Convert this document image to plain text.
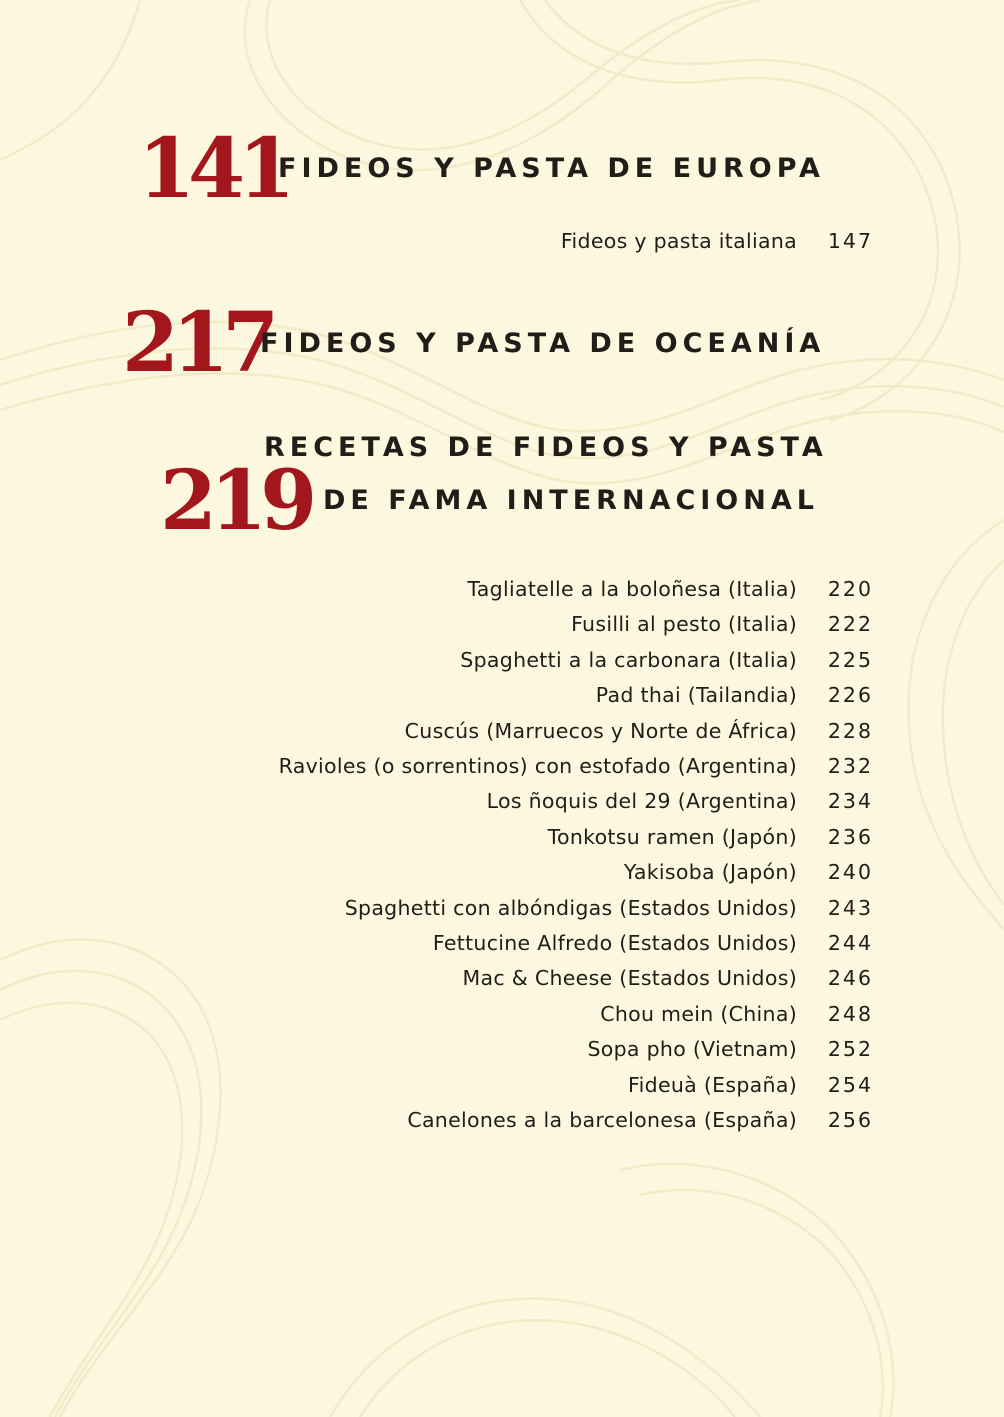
141
FIDEOS Y PASTA DE EUROPA
Fideos y pasta italiana	147
217
FIDEOS Y PASTA DE OCEANÍA
219
RECETAS DE FIDEOS Y PASTA
DE FAMA INTERNACIONAL
Tagliatelle a la boloñesa (Italia)	220
Fusilli al pesto (Italia)	222
Spaghetti a la carbonara (Italia)	225
Pad thai (Tailandia)	226
Cuscús (Marruecos y Norte de África)	228
Ravioles (o sorrentinos) con estofado (Argentina)	232
Los ñoquis del 29 (Argentina)	234
Tonkotsu ramen (Japón)	236
Yakisoba (Japón)	240
Spaghetti con albóndigas (Estados Unidos)	243
Fettucine Alfredo (Estados Unidos)	244
Mac & Cheese (Estados Unidos)	246
Chou mein (China)	248
Sopa pho (Vietnam)	252
Fideuà (España)	254
Canelones a la barcelonesa (España)	256
